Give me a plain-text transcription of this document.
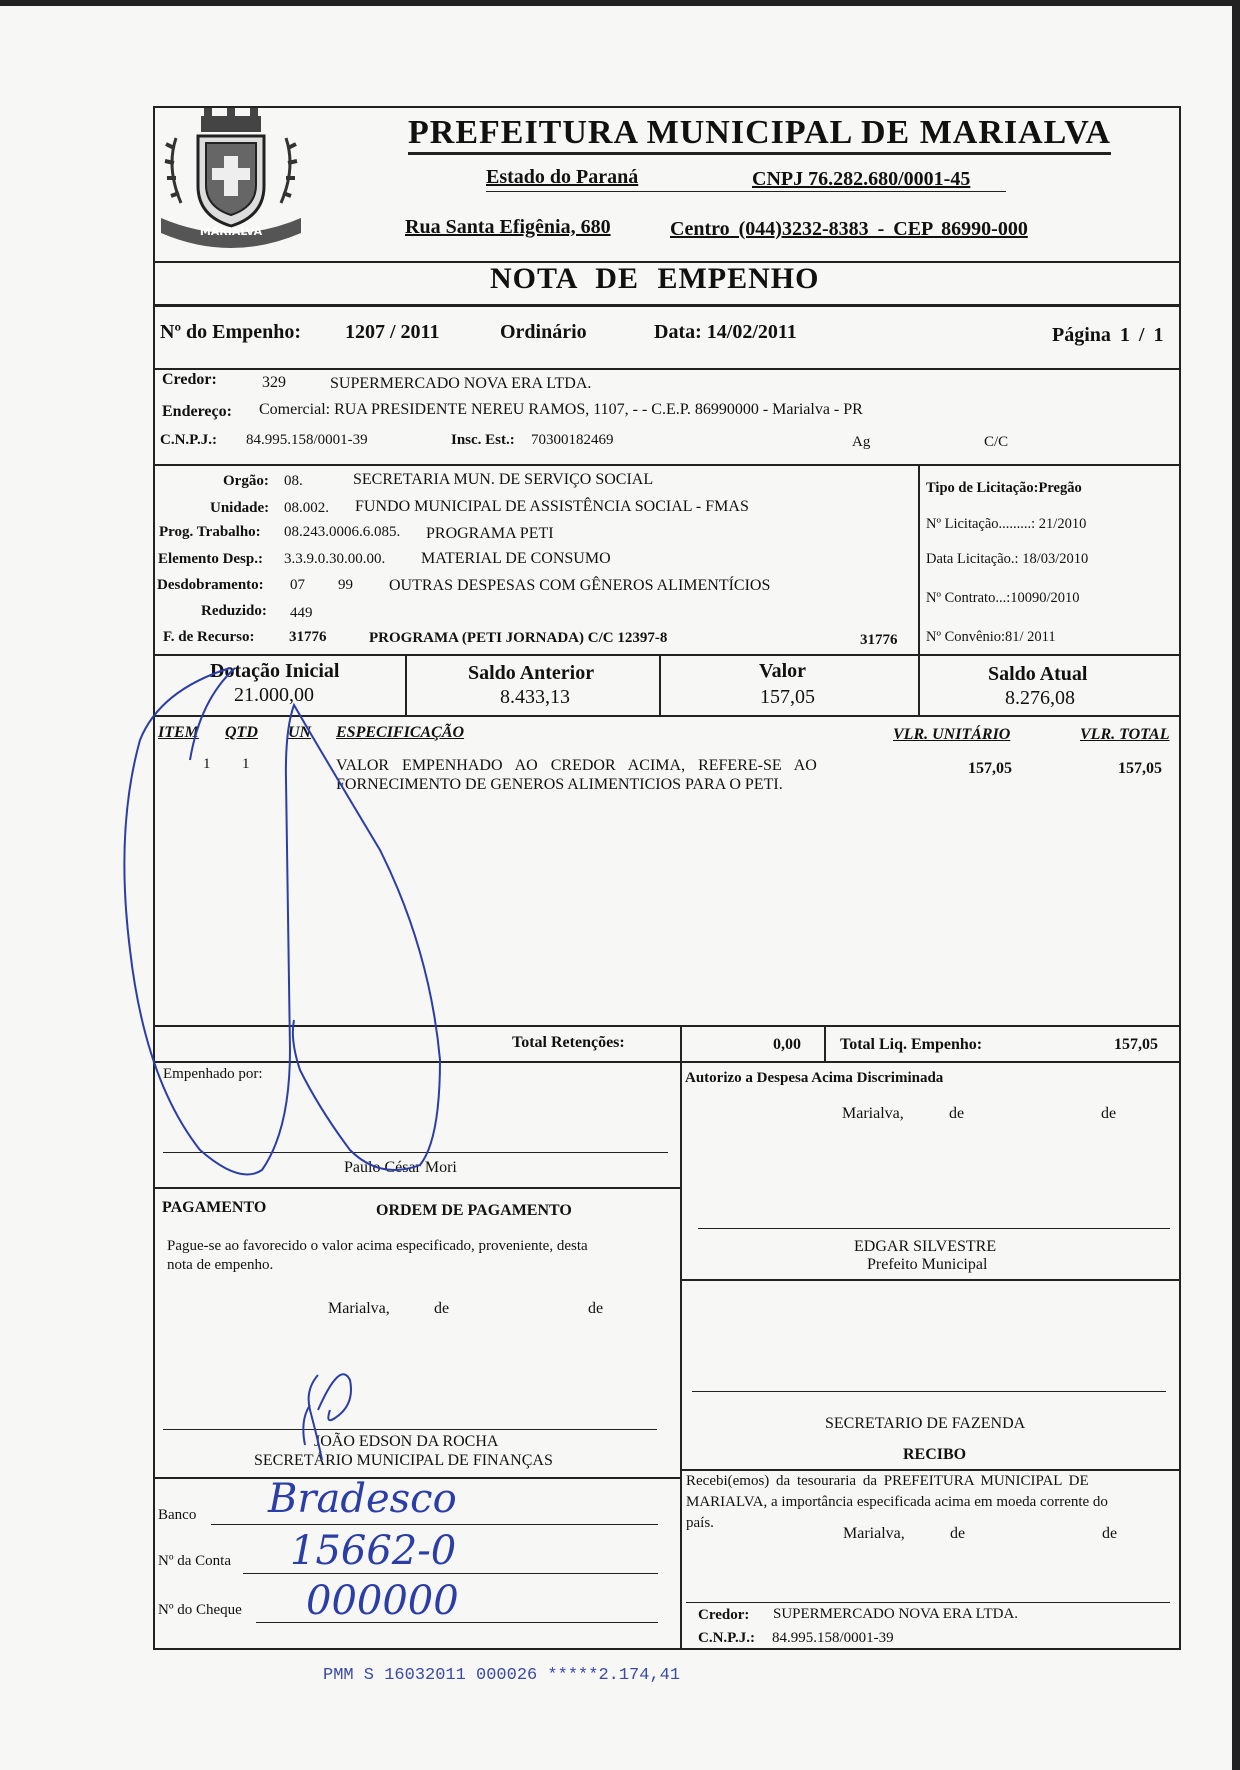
MARIALVA
PREFEITURA MUNICIPAL DE MARIALVA
Estado do Paraná	CNPJ 76.282.680/0001-45
Rua Santa Efigênia, 680	Centro (044)3232-8383 - CEP 86990-000
NOTA DE EMPENHO
Nº do Empenho: 1207 / 2011	Ordinário	Data: 14/02/2011	Página 1 / 1
Credor:	329	SUPERMERCADO NOVA ERA LTDA.
Endereço: Comercial: RUA PRESIDENTE NEREU RAMOS, 1107, - - C.E.P. 86990000 - Marialva - PR
C.N.P.J.: 84.995.158/0001-39	Insc. Est.: 70300182469	Ag	C/C
Orgão: 08.	SECRETARIA MUN. DE SERVIÇO SOCIAL
Unidade: 08.002. FUNDO MUNICIPAL DE ASSISTÊNCIA SOCIAL - FMAS
Prog. Trabalho: 08.243.0006.6.085. PROGRAMA PETI
Elemento Desp.: 3.3.9.0.30.00.00. MATERIAL DE CONSUMO
Desdobramento: 07 99 OUTRAS DESPESAS COM GÊNEROS ALIMENTÍCIOS
Reduzido: 449
F. de Recurso: 31776	PROGRAMA (PETI JORNADA) C/C 12397-8	31776
Tipo de Licitação:Pregão
Nº Licitação.........: 21/2010
Data Licitação.: 18/03/2010
Nº Contrato...:10090/2010
Nº Convênio:81/ 2011
Dotação Inicial
21.000,00
Saldo Anterior
8.433,13
Valor
157,05
Saldo Atual
8.276,08
ITEM QTD UN ESPECIFICAÇÃO	VLR. UNITÁRIO	VLR. TOTAL
1 1	VALOR EMPENHADO AO CREDOR ACIMA, REFERE-SE AO
FORNECIMENTO DE GENEROS ALIMENTICIOS PARA O PETI.
157,05	157,05
Total Retenções:	0,00 Total Liq. Empenho:	157,05
Empenhado por:
Paulo César Mori
Autorizo a Despesa Acima Discriminada
Marialva,	de	de
EDGAR SILVESTRE
Prefeito Municipal
SECRETARIO DE FAZENDA
PAGAMENTO	ORDEM DE PAGAMENTO
Pague-se ao favorecido o valor acima especificado, proveniente, desta
nota de empenho.
Marialva,	de	de
JOÃO EDSON DA ROCHA
SECRETÁRIO MUNICIPAL DE FINANÇAS
Banco Bradesco
Nº da Conta 15662-0
Nº do Cheque 000000
RECIBO
Recebi(emos) da tesouraria da PREFEITURA MUNICIPAL DE
MARIALVA, a importância especificada acima em moeda corrente do
país.
Marialva,	de	de
Credor: SUPERMERCADO NOVA ERA LTDA.
C.N.P.J.: 84.995.158/0001-39
PMM S 16032011 000026 *****2.174,41
